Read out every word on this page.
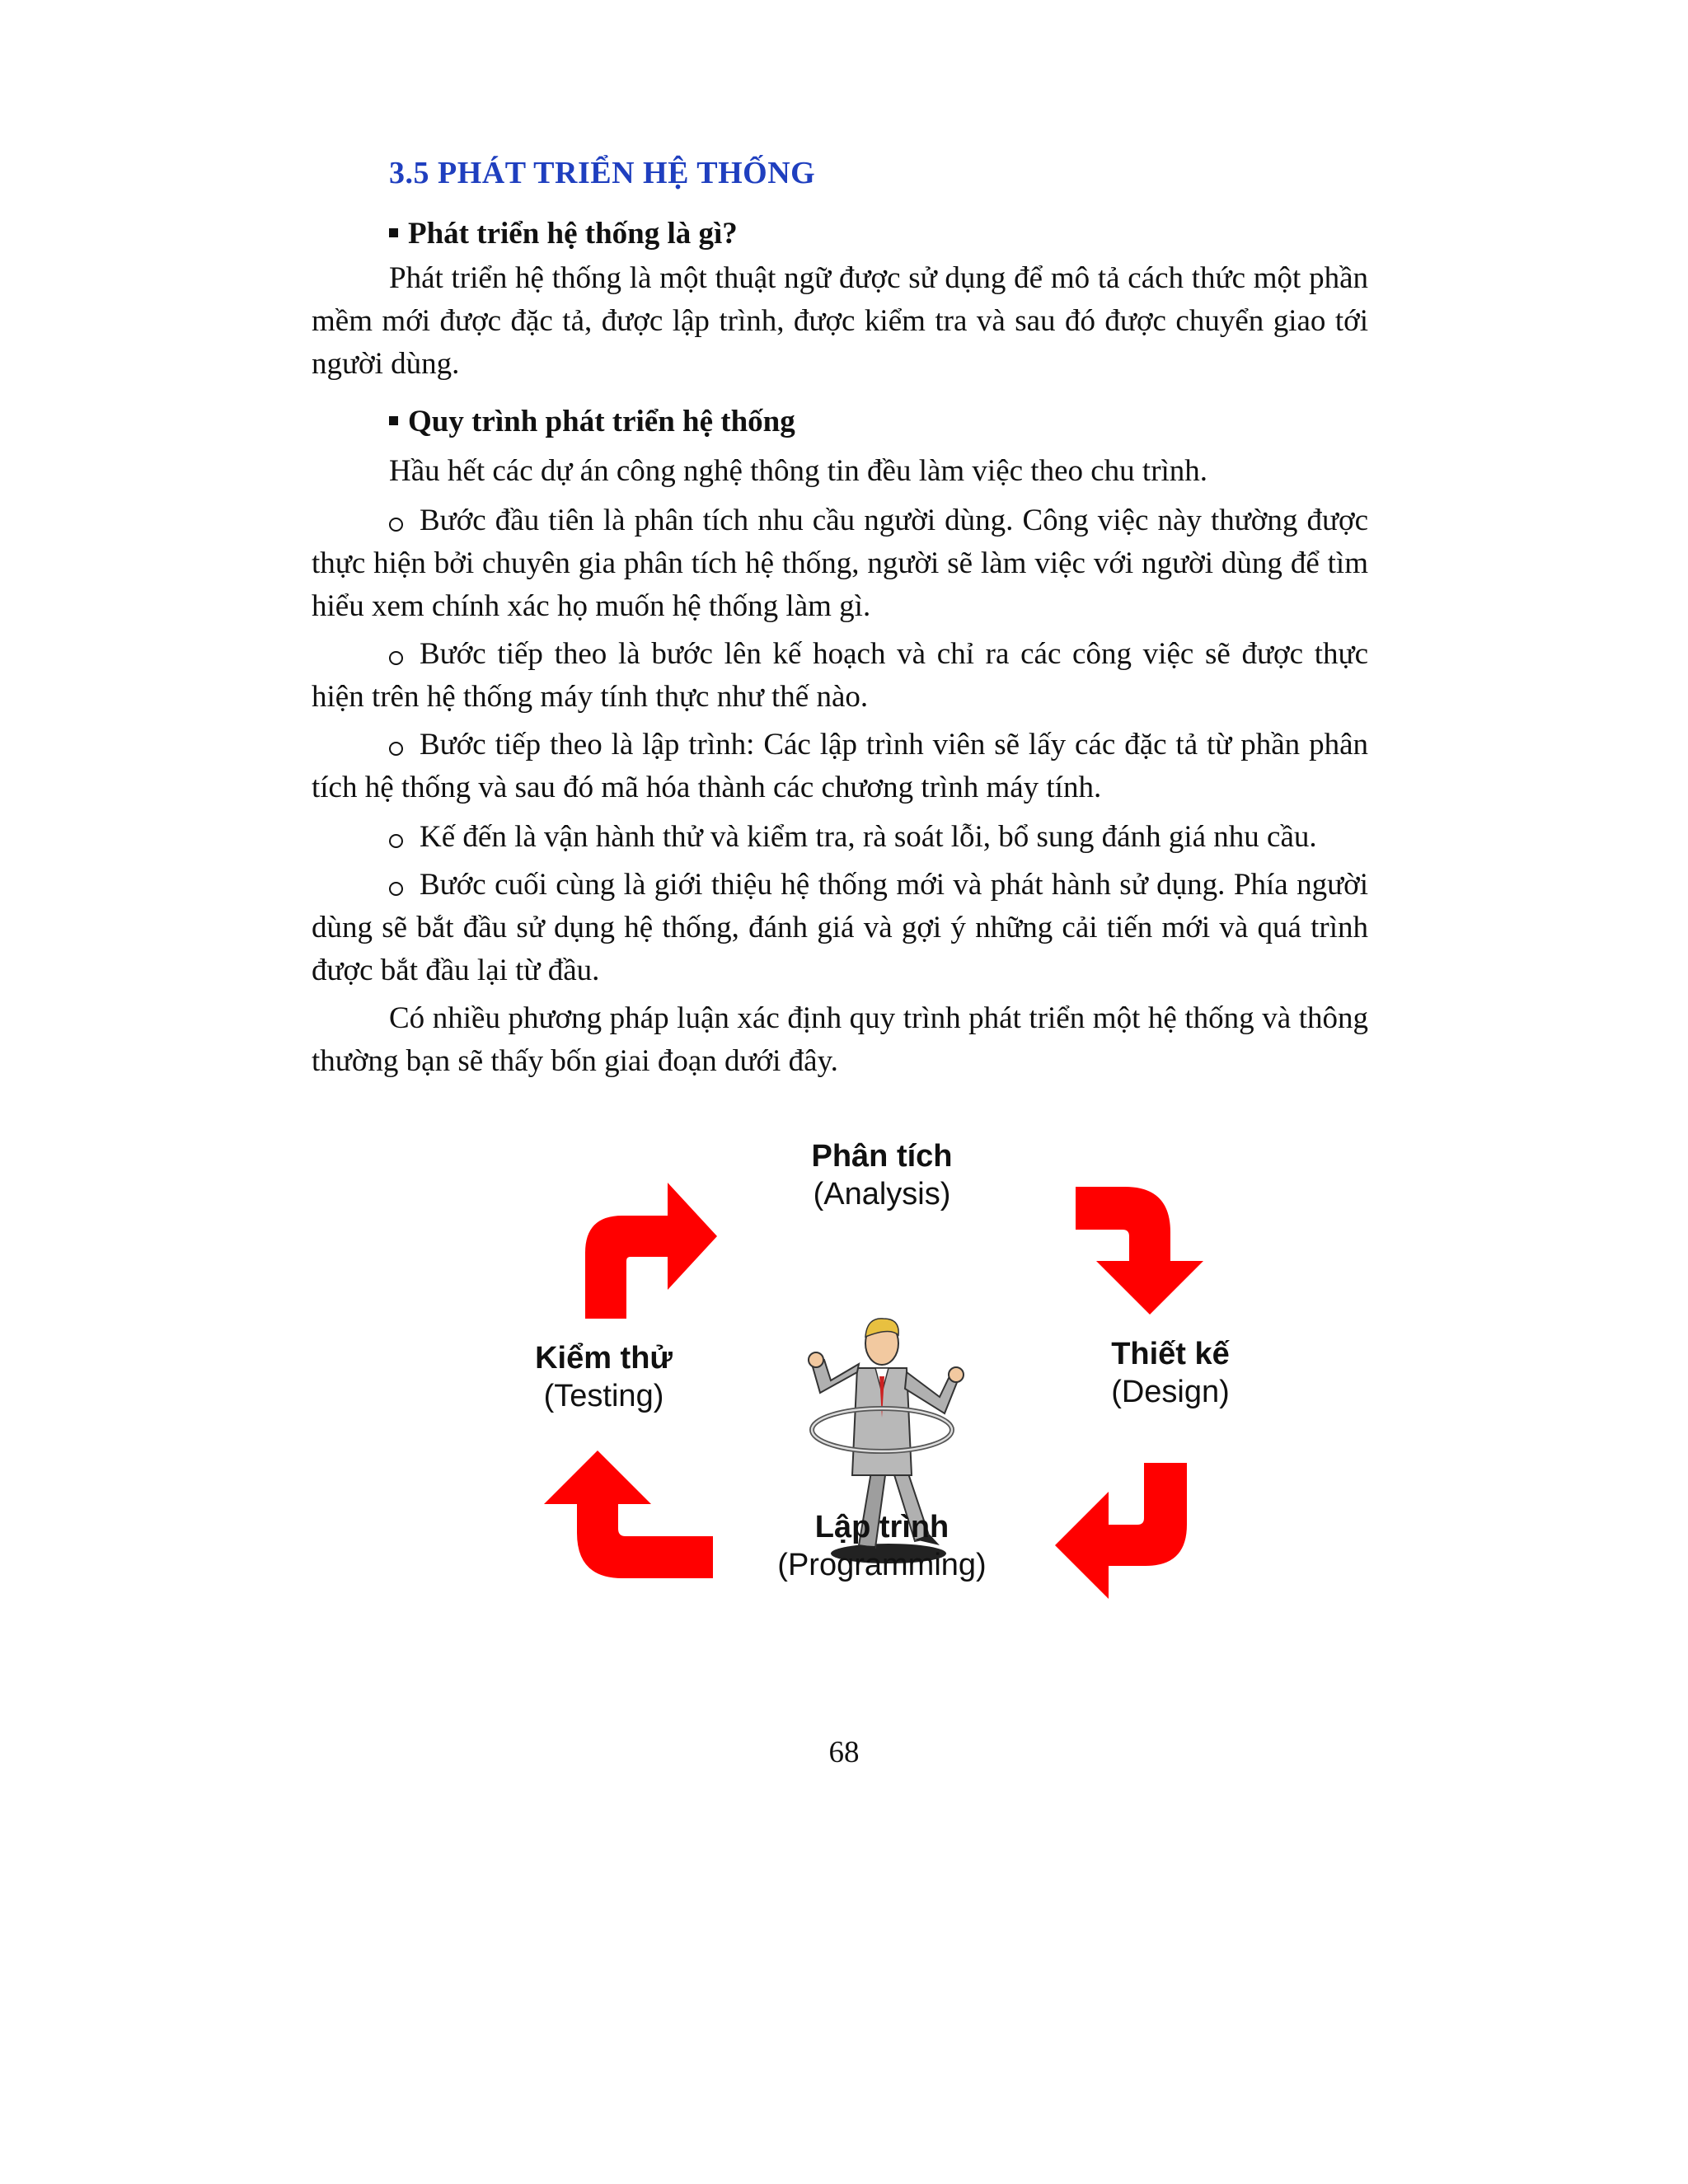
3.5 PHÁT TRIỂN HỆ THỐNG
Phát triển hệ thống là gì?
Phát triển hệ thống là một thuật ngữ được sử dụng để mô tả cách thức một phần mềm mới được đặc tả, được lập trình, được kiểm tra và sau đó được chuyển giao tới người dùng.
Quy trình phát triển hệ thống
Hầu hết các dự án công nghệ thông tin đều làm việc theo chu trình.
Bước đầu tiên là phân tích nhu cầu người dùng. Công việc này thường được thực hiện bởi chuyên gia phân tích hệ thống, người sẽ làm việc với người dùng để tìm hiểu xem chính xác họ muốn hệ thống làm gì.
Bước tiếp theo là bước lên kế hoạch và chỉ ra các công việc sẽ được thực hiện trên hệ thống máy tính thực như thế nào.
Bước tiếp theo là lập trình: Các lập trình viên sẽ lấy các đặc tả từ phần phân tích hệ thống và sau đó mã hóa thành các chương trình máy tính.
Kế đến là vận hành thử và kiểm tra, rà soát lỗi, bổ sung đánh giá nhu cầu.
Bước cuối cùng là giới thiệu hệ thống mới và phát hành sử dụng. Phía người dùng sẽ bắt đầu sử dụng hệ thống, đánh giá và gợi ý những cải tiến mới và quá trình được bắt đầu lại từ đầu.
Có nhiều phương pháp luận xác định quy trình phát triển một hệ thống và thông thường bạn sẽ thấy bốn giai đoạn dưới đây.
Phân tích
(Analysis)
Thiết kế
(Design)
Lập trình
(Programming)
Kiểm thử
(Testing)
68
